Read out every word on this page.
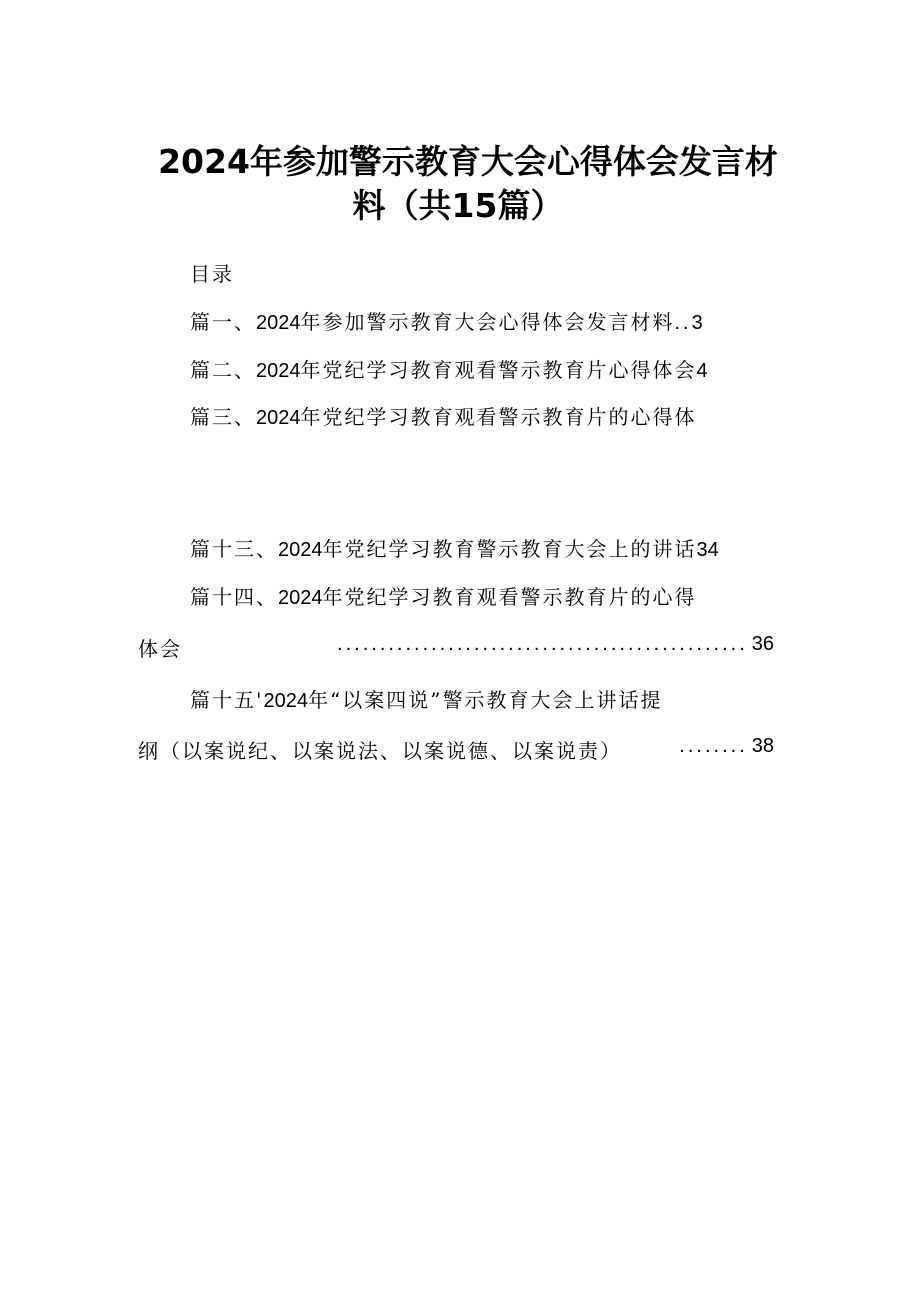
2024年参加警示教育大会心得体会发言材
料（共15篇）
目录
篇一、2024年参加警示教育大会心得体会发言材料..3
篇二、2024年党纪学习教育观看警示教育片心得体会4
篇三、2024年党纪学习教育观看警示教育片的心得体
篇十三、2024年党纪学习教育警示教育大会上的讲话34
篇十四、2024年党纪学习教育观看警示教育片的心得
体会	................................................ 36
篇十五'2024年“以案四说”警示教育大会上讲话提
纲（以案说纪、以案说法、以案说德、以案说责）	........ 38
